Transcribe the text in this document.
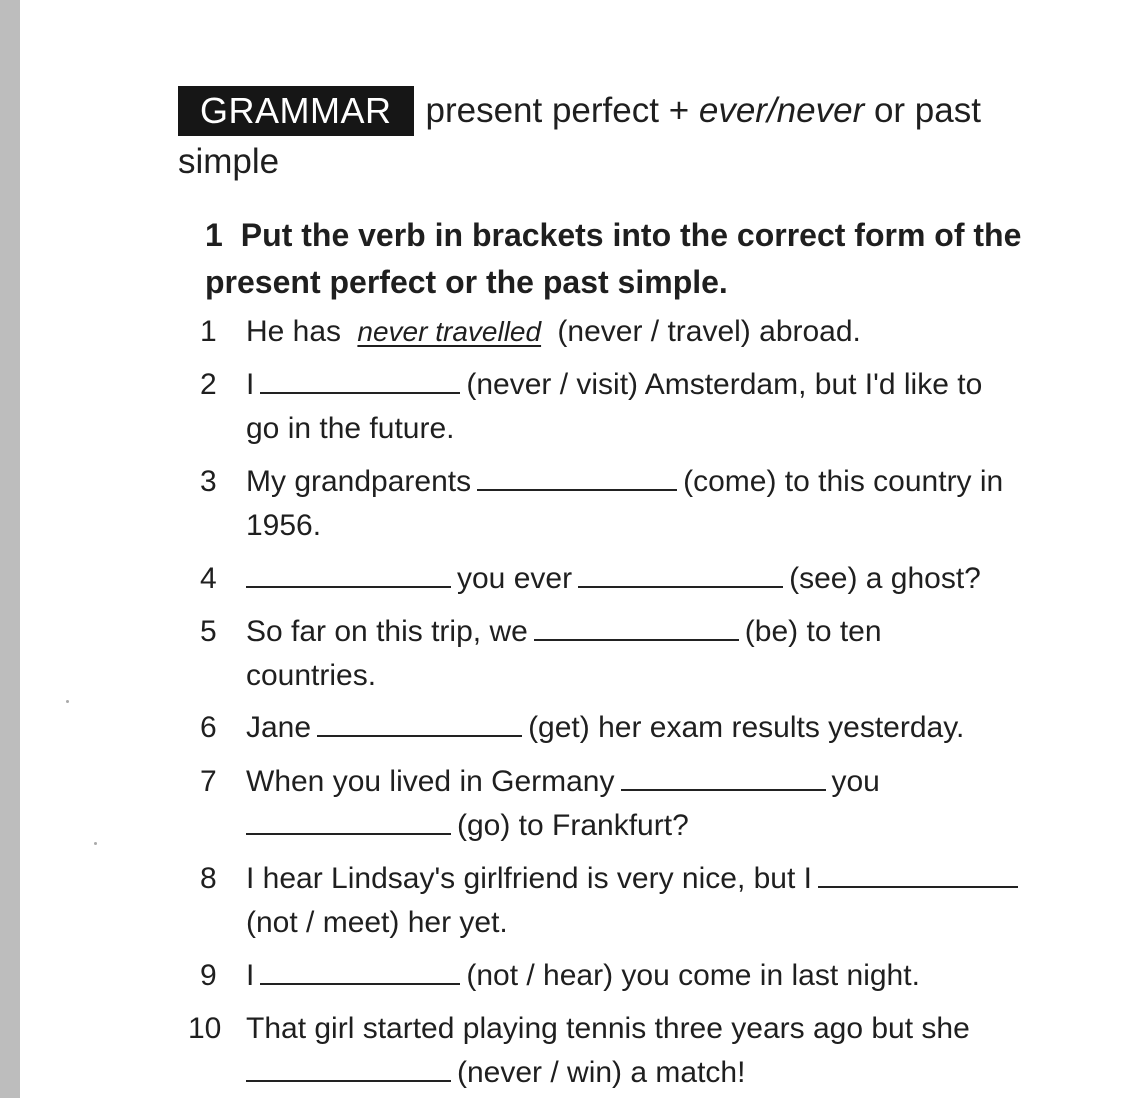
GRAMMAR present perfect + ever/never or past
simple
1 Put the verb in brackets into the correct form of the
present perfect or the past simple.
1 He has never travelled (never / travel) abroad.
2 I	(never / visit) Amsterdam, but I'd like to
go in the future.
3 My grandparents	(come) to this country in
1956.
4	you ever	(see) a ghost?
5 So far on this trip, we	(be) to ten
countries.
6 Jane	(get) her exam results yesterday.
7 When you lived in Germany	you
(go) to Frankfurt?
8 I hear Lindsay's girlfriend is very nice, but I
(not / meet) her yet.
9 I	(not / hear) you come in last night.
10 That girl started playing tennis three years ago but she
(never / win) a match!
